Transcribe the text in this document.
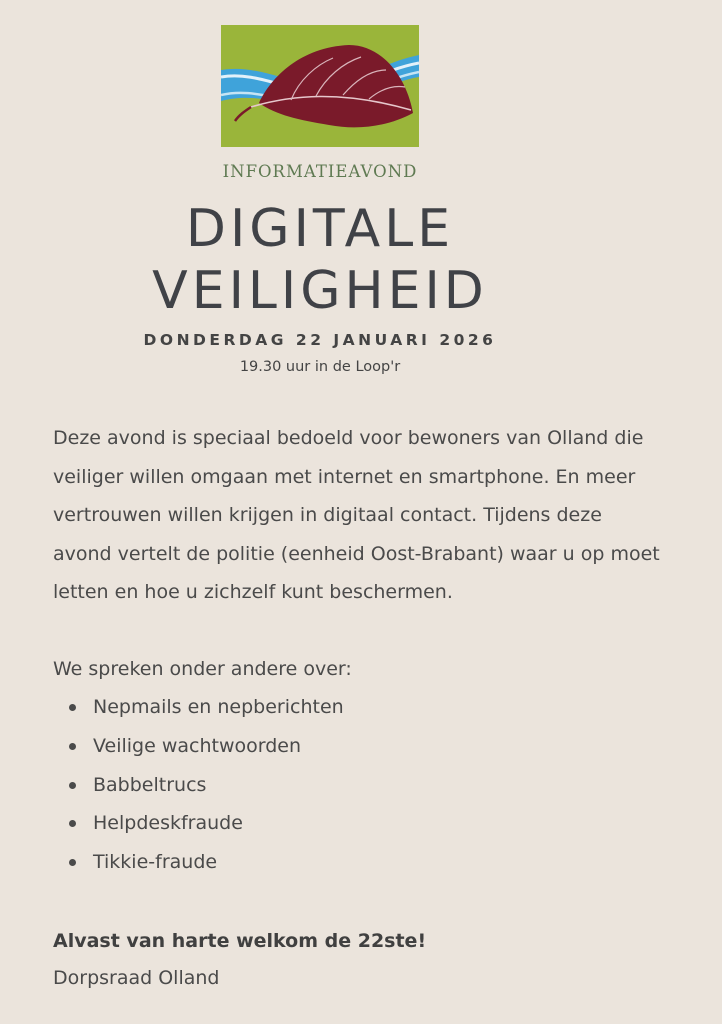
INFORMATIEAVOND
DIGITALE
VEILIGHEID
DONDERDAG 22 JANUARI 2026
19.30 uur in de Loop'r

Deze avond is speciaal bedoeld voor bewoners van Olland die
veiliger willen omgaan met internet en smartphone. En meer
vertrouwen willen krijgen in digitaal contact. Tijdens deze
avond vertelt de politie (eenheid Oost-Brabant) waar u op moet
letten en hoe u zichzelf kunt beschermen.

We spreken onder andere over:

Nepmails en nepberichten
Veilige wachtwoorden
Babbeltrucs
Helpdeskfraude
Tikkie-fraude
Alvast van harte welkom de 22ste!
Dorpsraad Olland
